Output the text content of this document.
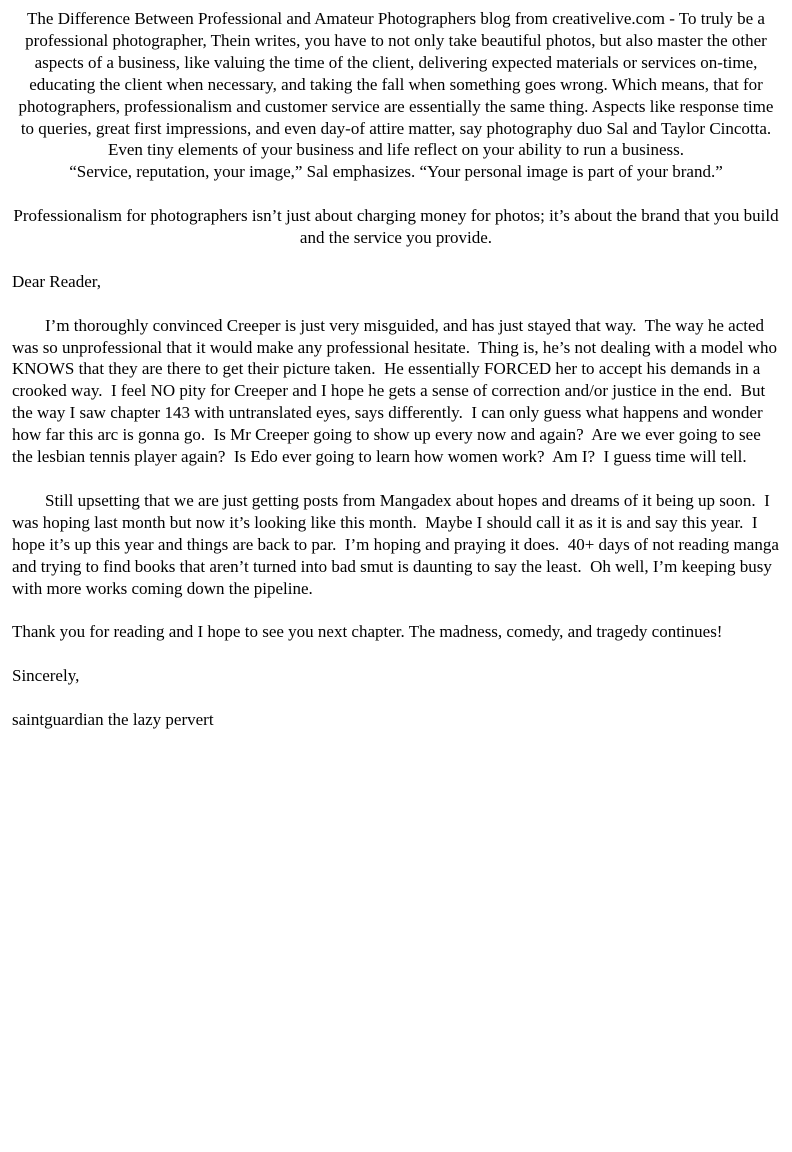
The Difference Between Professional and Amateur Photographers blog from creativelive.com - To truly be a professional photographer, Thein writes, you have to not only take beautiful photos, but also master the other aspects of a business, like valuing the time of the client, delivering expected materials or services on-time, educating the client when necessary, and taking the fall when something goes wrong. Which means, that for photographers, professionalism and customer service are essentially the same thing. Aspects like response time to queries, great first impressions, and even day-of attire matter, say photography duo Sal and Taylor Cincotta. Even tiny elements of your business and life reflect on your ability to run a business.

“Service, reputation, your image,” Sal emphasizes. “Your personal image is part of your brand.”

Professionalism for photographers isn’t just about charging money for photos; it’s about the brand that you build and the service you provide.

Dear Reader,

I’m thoroughly convinced Creeper is just very misguided, and has just stayed that way.  The way he acted was so unprofessional that it would make any professional hesitate.  Thing is, he’s not dealing with a model who KNOWS that they are there to get their picture taken.  He essentially FORCED her to accept his demands in a crooked way.  I feel NO pity for Creeper and I hope he gets a sense of correction and/or justice in the end.  But the way I saw chapter 143 with untranslated eyes, says differently.  I can only guess what happens and wonder how far this arc is gonna go.  Is Mr Creeper going to show up every now and again?  Are we ever going to see the lesbian tennis player again?  Is Edo ever going to learn how women work?  Am I?  I guess time will tell.

Still upsetting that we are just getting posts from Mangadex about hopes and dreams of it being up soon.  I was hoping last month but now it’s looking like this month.  Maybe I should call it as it is and say this year.  I hope it’s up this year and things are back to par.  I’m hoping and praying it does.  40+ days of not reading manga and trying to find books that aren’t turned into bad smut is daunting to say the least.  Oh well, I’m keeping busy with more works coming down the pipeline.

Thank you for reading and I hope to see you next chapter. The madness, comedy, and tragedy continues!

Sincerely,

saintguardian the lazy pervert
